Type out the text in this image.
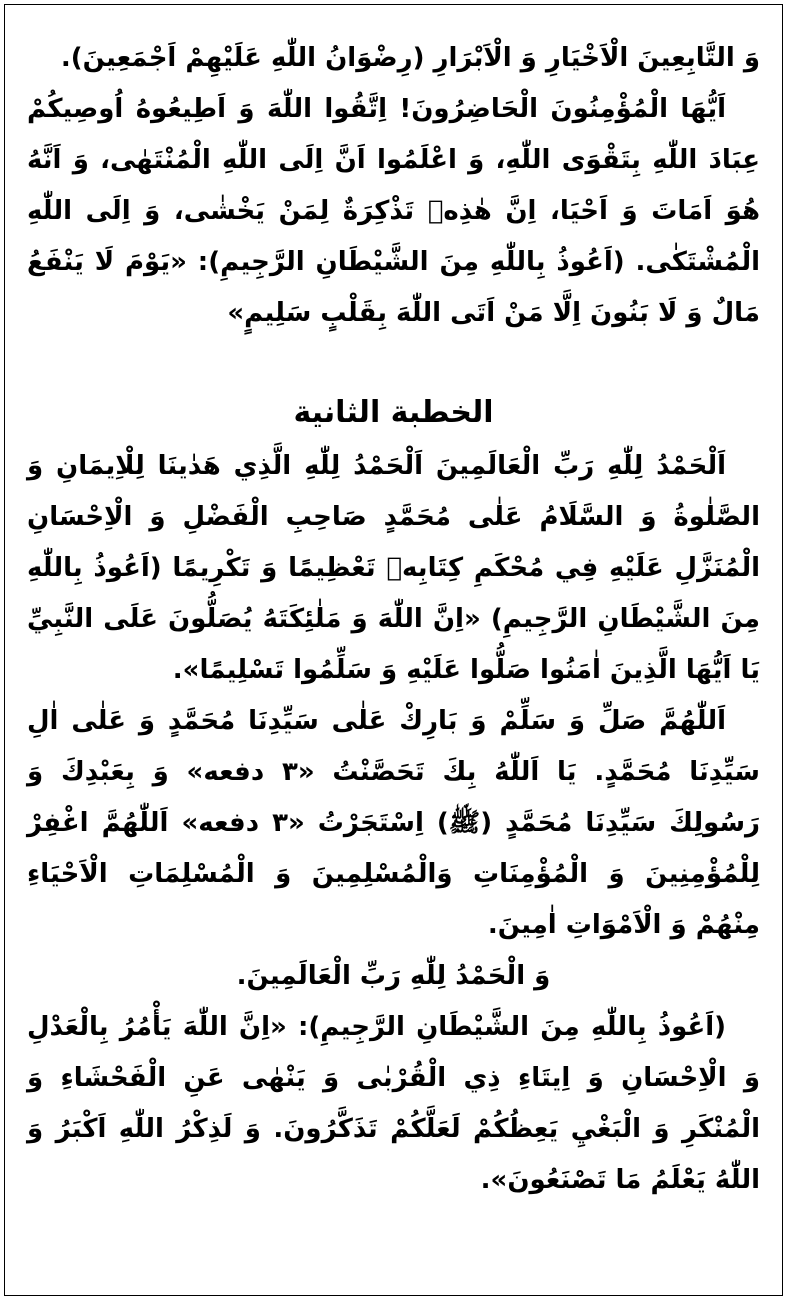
وَ التَّابِعِينَ الْاَخْيَارِ وَ الْاَبْرَارِ (رِضْوَانُ اللّٰهِ عَلَيْهِمْ اَجْمَعِينَ).

اَيُّهَا الْمُؤْمِنُونَ الْحَاضِرُونَ! اِتَّقُوا اللّٰهَ وَ اَطِيعُوهُ اُوصِيكُمْ عِبَادَ اللّٰهِ بِتَقْوَى اللّٰهِ، وَ اعْلَمُوا اَنَّ اِلَى اللّٰهِ الْمُنْتَهٰى، وَ اَنَّهُ هُوَ اَمَاتَ وَ اَحْيَا، اِنَّ هٰذِهٖ تَذْكِرَةٌ لِمَنْ يَخْشٰى، وَ اِلَى اللّٰهِ الْمُشْتَكٰى. (اَعُوذُ بِاللّٰهِ مِنَ الشَّيْطَانِ الرَّجِيمِ): «يَوْمَ لَا يَنْفَعُ مَالٌ وَ لَا بَنُونَ اِلَّا مَنْ اَتَى اللّٰهَ بِقَلْبٍ سَلِيمٍ»

الخطبة الثانية

اَلْحَمْدُ لِلّٰهِ رَبِّ الْعَالَمِينَ اَلْحَمْدُ لِلّٰهِ الَّذِي هَدٰينَا لِلْاِيمَانِ وَ الصَّلٰوةُ وَ السَّلَامُ عَلٰى مُحَمَّدٍ صَاحِبِ الْفَضْلِ وَ الْاِحْسَانِ الْمُنَزَّلِ عَلَيْهِ فِي مُحْكَمِ كِتَابِهٖ تَعْظِيمًا وَ تَكْرِيمًا (اَعُوذُ بِاللّٰهِ مِنَ الشَّيْطَانِ الرَّجِيمِ) «اِنَّ اللّٰهَ وَ مَلٰئِكَتَهُ يُصَلُّونَ عَلَى النَّبِيِّ يَا اَيُّهَا الَّذِينَ اٰمَنُوا صَلُّوا عَلَيْهِ وَ سَلِّمُوا تَسْلِيمًا».

اَللّٰهُمَّ صَلِّ وَ سَلِّمْ وَ بَارِكْ عَلٰى سَيِّدِنَا مُحَمَّدٍ وَ عَلٰى اٰلِ سَيِّدِنَا مُحَمَّدٍ. يَا اَللّٰهُ بِكَ تَحَصَّنْتُ «٣ دفعه» وَ بِعَبْدِكَ وَ رَسُولِكَ سَيِّدِنَا مُحَمَّدٍ (ﷺ) اِسْتَجَرْتُ «٣ دفعه» اَللّٰهُمَّ اغْفِرْ لِلْمُؤْمِنِينَ وَ الْمُؤْمِنَاتِ وَالْمُسْلِمِينَ وَ الْمُسْلِمَاتِ الْاَحْيَاءِ مِنْهُمْ وَ الْاَمْوَاتِ اٰمِينَ.

وَ الْحَمْدُ لِلّٰهِ رَبِّ الْعَالَمِينَ.

(اَعُوذُ بِاللّٰهِ مِنَ الشَّيْطَانِ الرَّجِيمِ): «اِنَّ اللّٰهَ يَأْمُرُ بِالْعَدْلِ وَ الْاِحْسَانِ وَ اِيتَاءِ ذِي الْقُرْبٰى وَ يَنْهٰى عَنِ الْفَحْشَاءِ وَ الْمُنْكَرِ وَ الْبَغْيِ يَعِظُكُمْ لَعَلَّكُمْ تَذَكَّرُونَ. وَ لَذِكْرُ اللّٰهِ اَكْبَرُ وَ اللّٰهُ يَعْلَمُ مَا تَصْنَعُونَ».
